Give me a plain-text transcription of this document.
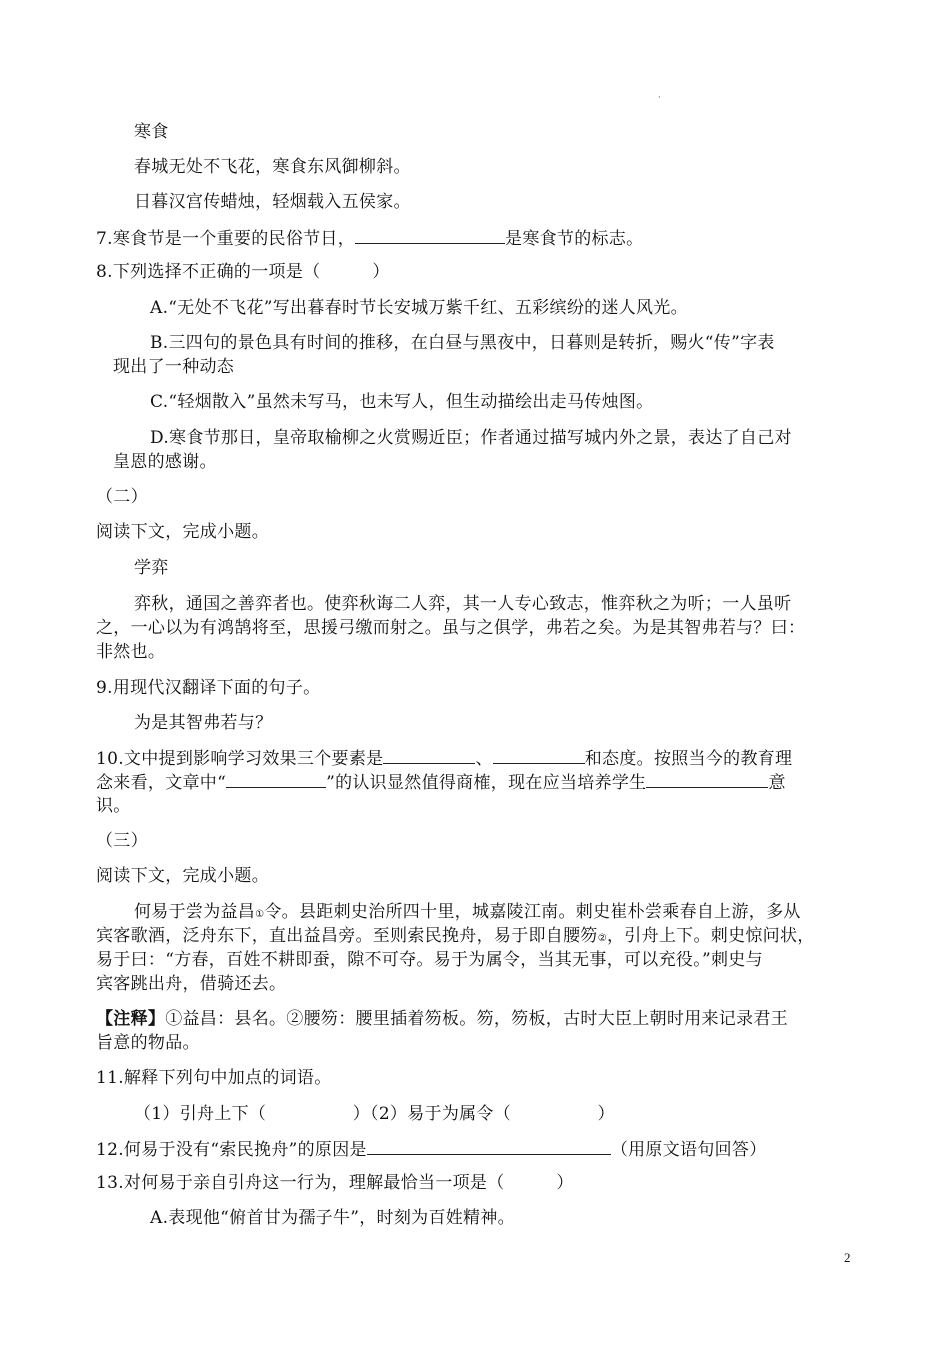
·
寒食
春城无处不飞花，寒食东风御柳斜。
日暮汉宫传蜡烛，轻烟载入五侯家。
7.寒食节是一个重要的民俗节日，	是寒食节的标志。
8.下列选择不正确的一项是（　　　）
A.“无处不飞花”写出暮春时节长安城万紫千红、五彩缤纷的迷人风光。
B.三四句的景色具有时间的推移，在白昼与黑夜中，日暮则是转折，赐火“传”字表
现出了一种动态
C.“轻烟散入”虽然未写马，也未写人，但生动描绘出走马传烛图。
D.寒食节那日，皇帝取榆柳之火赏赐近臣；作者通过描写城内外之景，表达了自己对
皇恩的感谢。
（二）
阅读下文，完成小题。
学弈
弈秋，通国之善弈者也。使弈秋诲二人弈，其一人专心致志，惟弈秋之为听；一人虽听
之，一心以为有鸿鹄将至，思援弓缴而射之。虽与之俱学，弗若之矣。为是其智弗若与？曰：
非然也。
9.用现代汉翻译下面的句子。
为是其智弗若与？
10.文中提到影响学习效果三个要素是	、	和态度。按照当今的教育理
念来看，文章中“	”的认识显然值得商榷，现在应当培养学生	意
识。
（三）
阅读下文，完成小题。
何易于尝为益昌①令。县距刺史治所四十里，城嘉陵江南。刺史崔朴尝乘春自上游，多从
宾客歌酒，泛舟东下，直出益昌旁。至则索民挽舟，易于即自腰笏②，引舟上下。刺史惊问状，
易于曰：“方春，百姓不耕即蚕，隙不可夺。易于为属令，当其无事，可以充役。”刺史与
宾客跳出舟，借骑还去。
【注释】①益昌：县名。②腰笏：腰里插着笏板。笏，笏板，古时大臣上朝时用来记录君王
旨意的物品。
11.解释下列句中加点的词语。
（1）引舟上下（　　　　　）（2）易于为属令（　　　　　）
12.何易于没有“索民挽舟”的原因是	（用原文语句回答）
13.对何易于亲自引舟这一行为，理解最恰当一项是（　　　）
A.表现他“俯首甘为孺子牛”，时刻为百姓精神。
2
